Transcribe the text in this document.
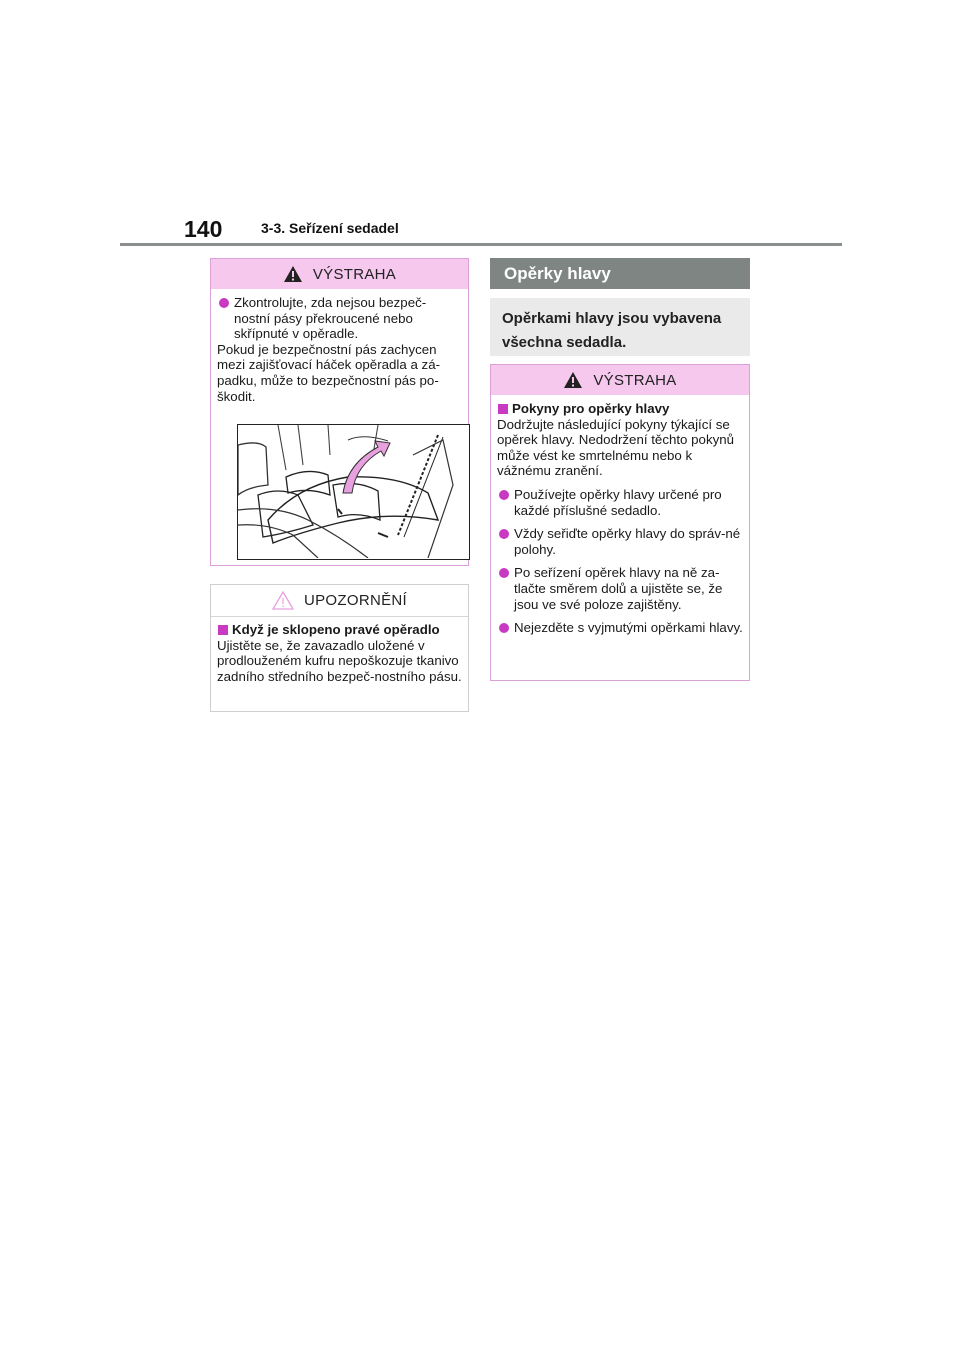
140	3-3. Seřízení sedadel
VÝSTRAHA

Zkontrolujte, zda nejsou bezpeč-nostní pásy překroucené nebo skřípnuté v opěradle.

Pokud je bezpečnostní pás zachycen mezi zajišťovací háček opěradla a zá-padku, může to bezpečnostní pás po-škodit.

UPOZORNĚNÍ

Když je sklopeno pravé opěradlo

Ujistěte se, že zavazadlo uložené v prodlouženém kufru nepoškozuje tkanivo zadního středního bezpeč-nostního pásu.

Opěrky hlavy
Opěrkami hlavy jsou vybavena všechna sedadla.
VÝSTRAHA

Pokyny pro opěrky hlavy

Dodržujte následující pokyny týkající se opěrek hlavy. Nedodržení těchto pokynů může vést ke smrtelnému nebo k vážnému zranění.

Používejte opěrky hlavy určené pro každé příslušné sedadlo.

Vždy seřiďte opěrky hlavy do správ-né polohy.

Po seřízení opěrek hlavy na ně za-tlačte směrem dolů a ujistěte se, že jsou ve své poloze zajištěny.

Nejezděte s vyjmutými opěrkami hlavy.
